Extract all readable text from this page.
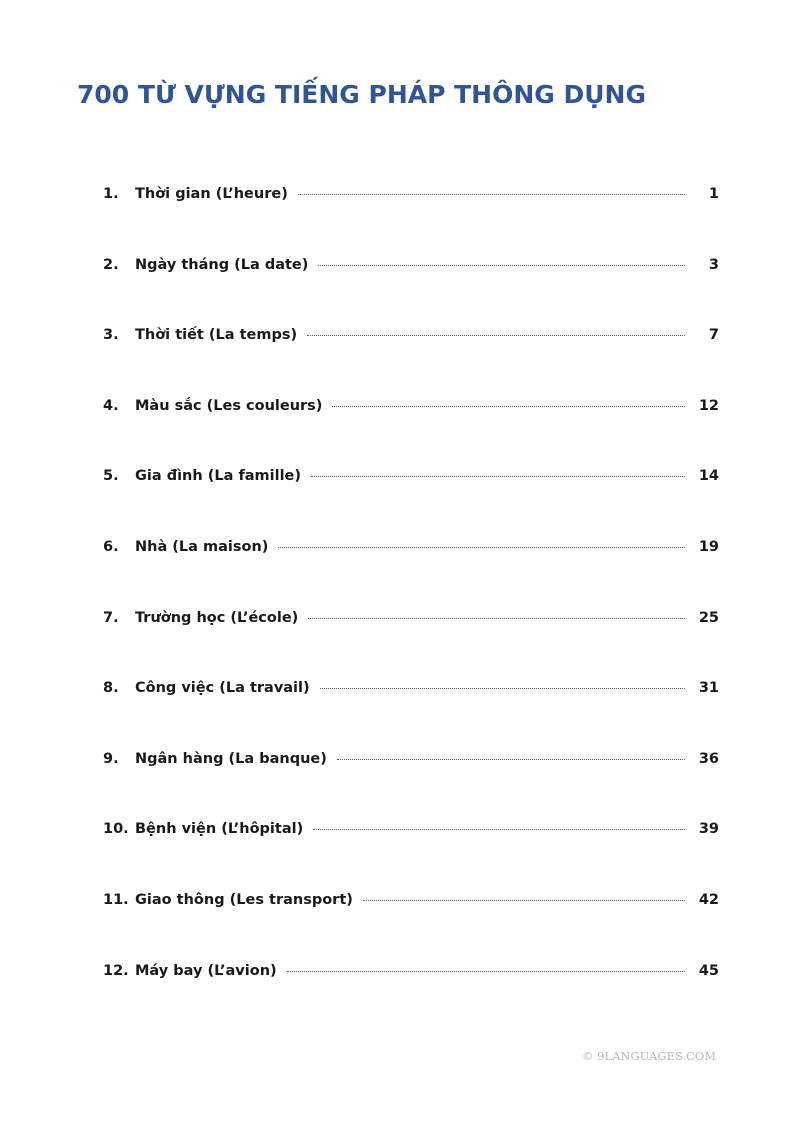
700 TỪ VỰNG TIẾNG PHÁP THÔNG DỤNG
1.	Thời gian (L’heure)	1
2.	Ngày tháng (La date)	3
3.	Thời tiết (La temps)	7
4.	Màu sắc (Les couleurs)	12
5.	Gia đình (La famille)	14
6.	Nhà (La maison)	19
7.	Trường học (L’école)	25
8.	Công việc (La travail)	31
9.	Ngân hàng (La banque)	36
10. Bệnh viện (L’hôpital)	39
11. Giao thông (Les transport)	42
12. Máy bay (L’avion)	45
© 9LANGUAGES.COM
